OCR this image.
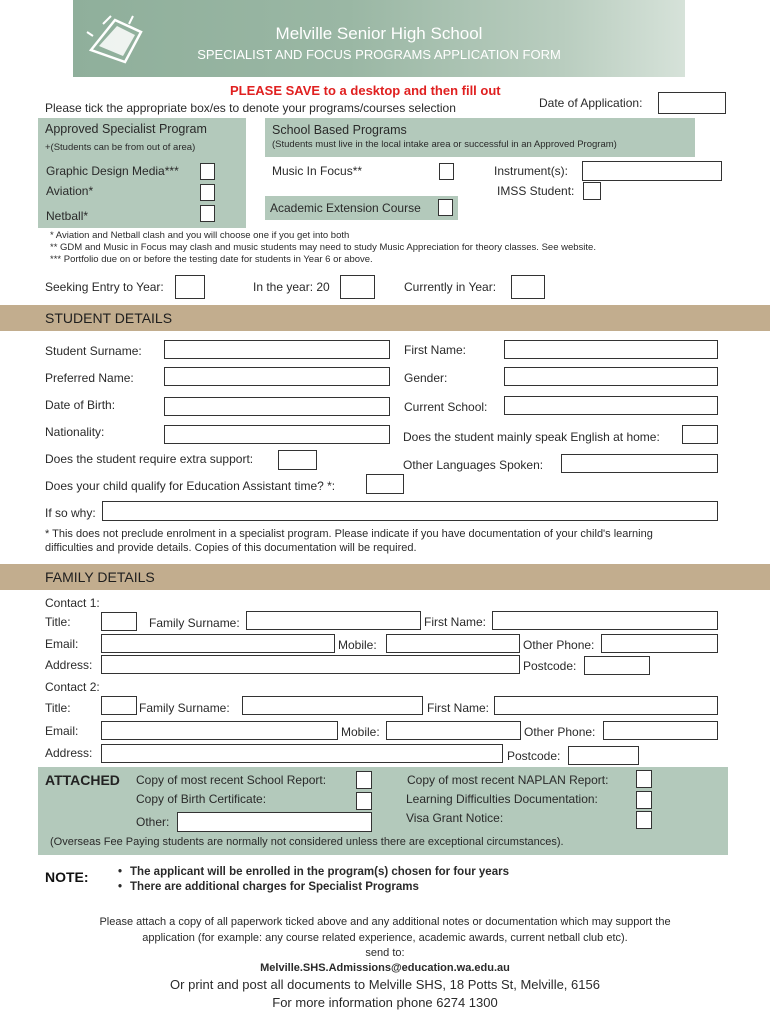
Melville Senior High School
SPECIALIST AND FOCUS PROGRAMS APPLICATION FORM
PLEASE SAVE to a desktop and then fill out
Please tick the appropriate box/es to denote your programs/courses selection	Date of Application:
Approved Specialist Program
+(Students can be from out of area)
Graphic Design Media***
Aviation*
Netball*
School Based Programs
(Students must live in the local intake area or successful in an Approved Program)
Music In Focus**	Instrument(s):
IMSS Student:
Academic Extension Course
* Aviation and Netball clash and you will choose one if you get into both
** GDM and Music in Focus may clash and music students may need to study Music Appreciation for theory classes. See website.
*** Portfolio due on or before the testing date for students in Year 6 or above.
Seeking Entry to Year:	In the year: 20	Currently in Year:
STUDENT DETAILS
Student Surname:	First Name:
Preferred Name:	Gender:
Date of Birth:	Current School:
Nationality:	Does the student mainly speak English at home:
Does the student require extra support:	Other Languages Spoken:
Does your child qualify for Education Assistant time? *:
If so why:
* This does not preclude enrolment in a specialist program. Please indicate if you have documentation of your child's learning
difficulties and provide details. Copies of this documentation will be required.
FAMILY DETAILS
Contact 1:
Title:	Family Surname:	First Name:
Email:	Mobile:	Other Phone:
Address:	Postcode:
Contact 2:
Title:	Family Surname:	First Name:
Email:	Mobile:	Other Phone:
Address:	Postcode:
ATTACHED Copy of most recent School Report:
Copy of Birth Certificate:
Other:
Copy of most recent NAPLAN Report:
Learning Difficulties Documentation:
Visa Grant Notice:
(Overseas Fee Paying students are normally not considered unless there are exceptional circumstances).
NOTE:
•	The applicant will be enrolled in the program(s) chosen for four years
• There are additional charges for Specialist Programs
Please attach a copy of all paperwork ticked above and any additional notes or documentation which may support the
application (for example: any course related experience, academic awards, current netball club etc).
send to:
Melville.SHS.Admissions@education.wa.edu.au
Or print and post all documents to Melville SHS, 18 Potts St, Melville, 6156
For more information phone 6274 1300
